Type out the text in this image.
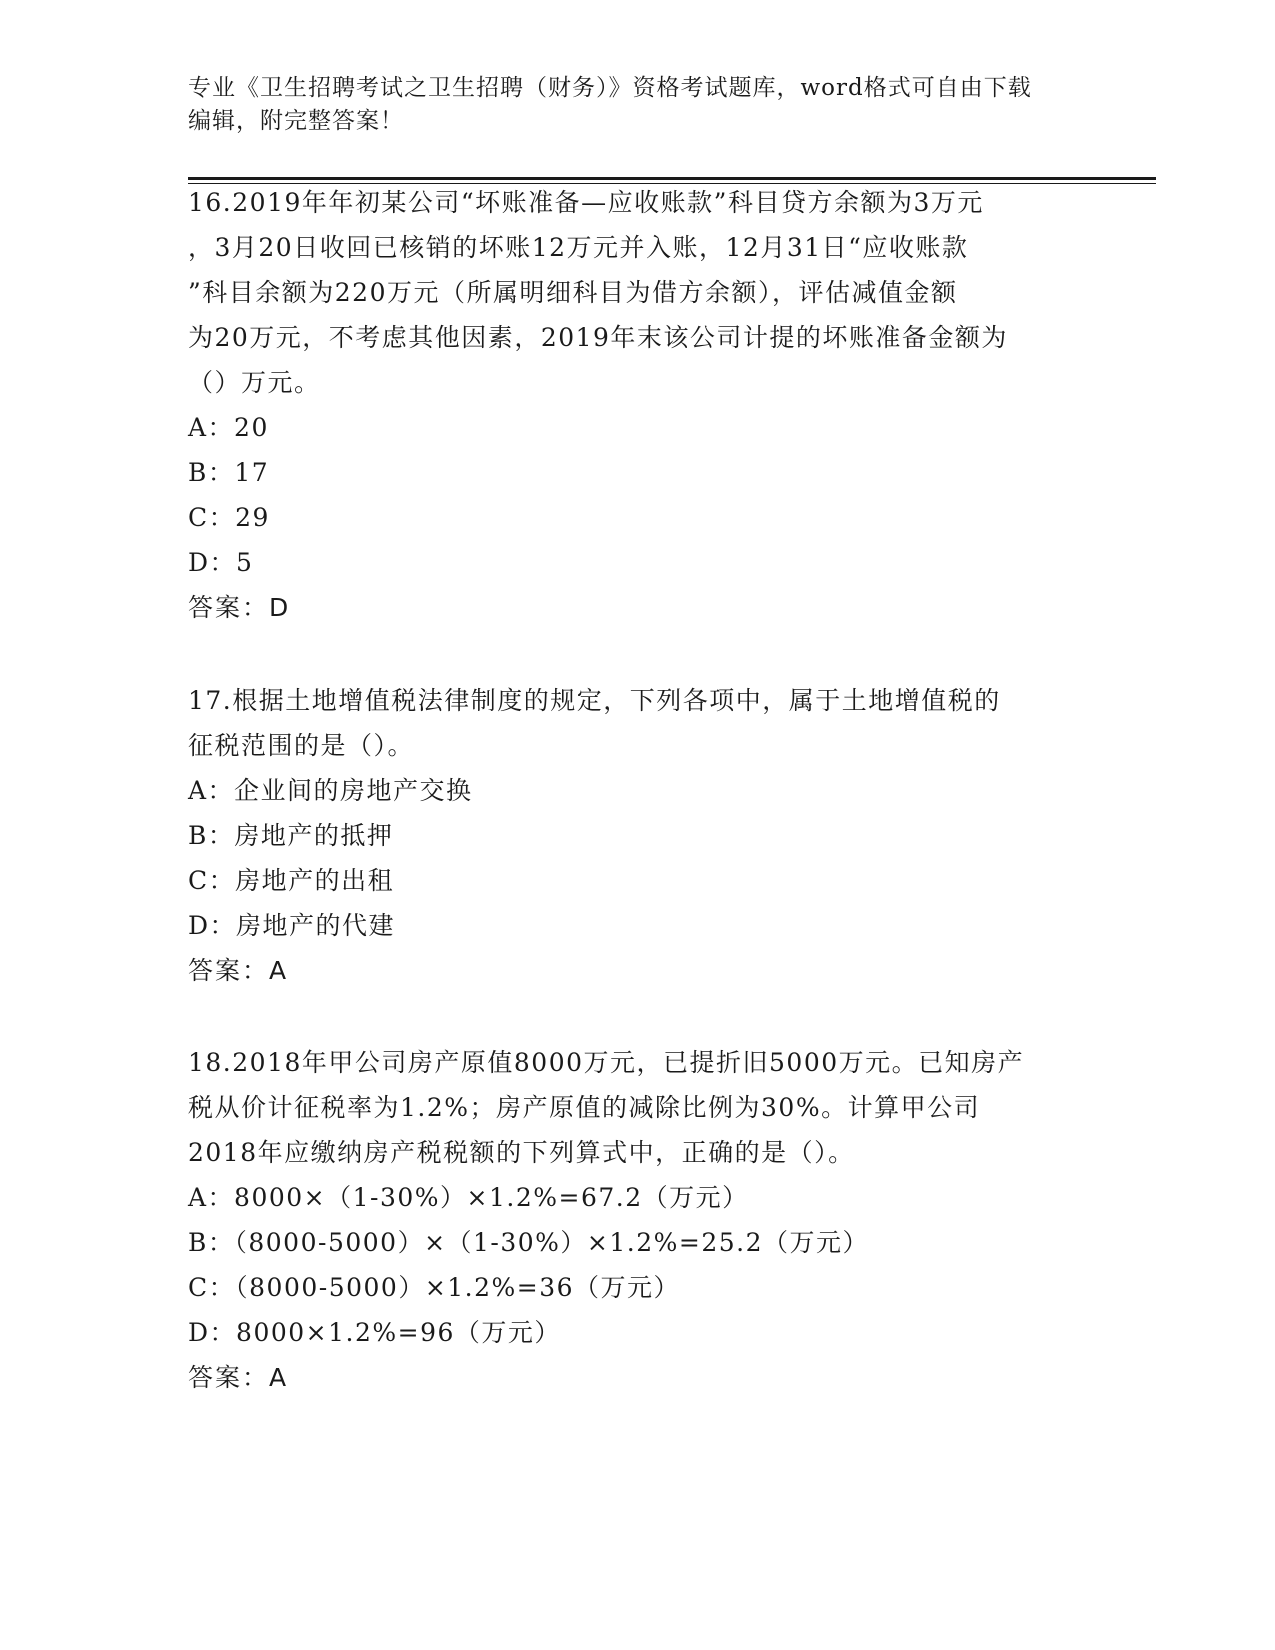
专业《卫生招聘考试之卫生招聘（财务）》资格考试题库，word格式可自由下载
编辑，附完整答案！
16.2019年年初某公司“坏账准备—应收账款”科目贷方余额为3万元
，3月20日收回已核销的坏账12万元并入账，12月31日“应收账款
”科目余额为220万元（所属明细科目为借方余额），评估减值金额
为20万元，不考虑其他因素，2019年末该公司计提的坏账准备金额为
（）万元。
A：20
B：17
C：29
D：5
答案：D
17.根据土地增值税法律制度的规定，下列各项中，属于土地增值税的
征税范围的是（）。
A：企业间的房地产交换
B：房地产的抵押
C：房地产的出租
D：房地产的代建
答案：A
18.2018年甲公司房产原值8000万元，已提折旧5000万元。已知房产
税从价计征税率为1.2%；房产原值的减除比例为30%。计算甲公司
2018年应缴纳房产税税额的下列算式中，正确的是（）。
A：8000×（1-30%）×1.2%=67.2（万元）
B：（8000-5000）×（1-30%）×1.2%=25.2（万元）
C：（8000-5000）×1.2%=36（万元）
D：8000×1.2%=96（万元）
答案：A
